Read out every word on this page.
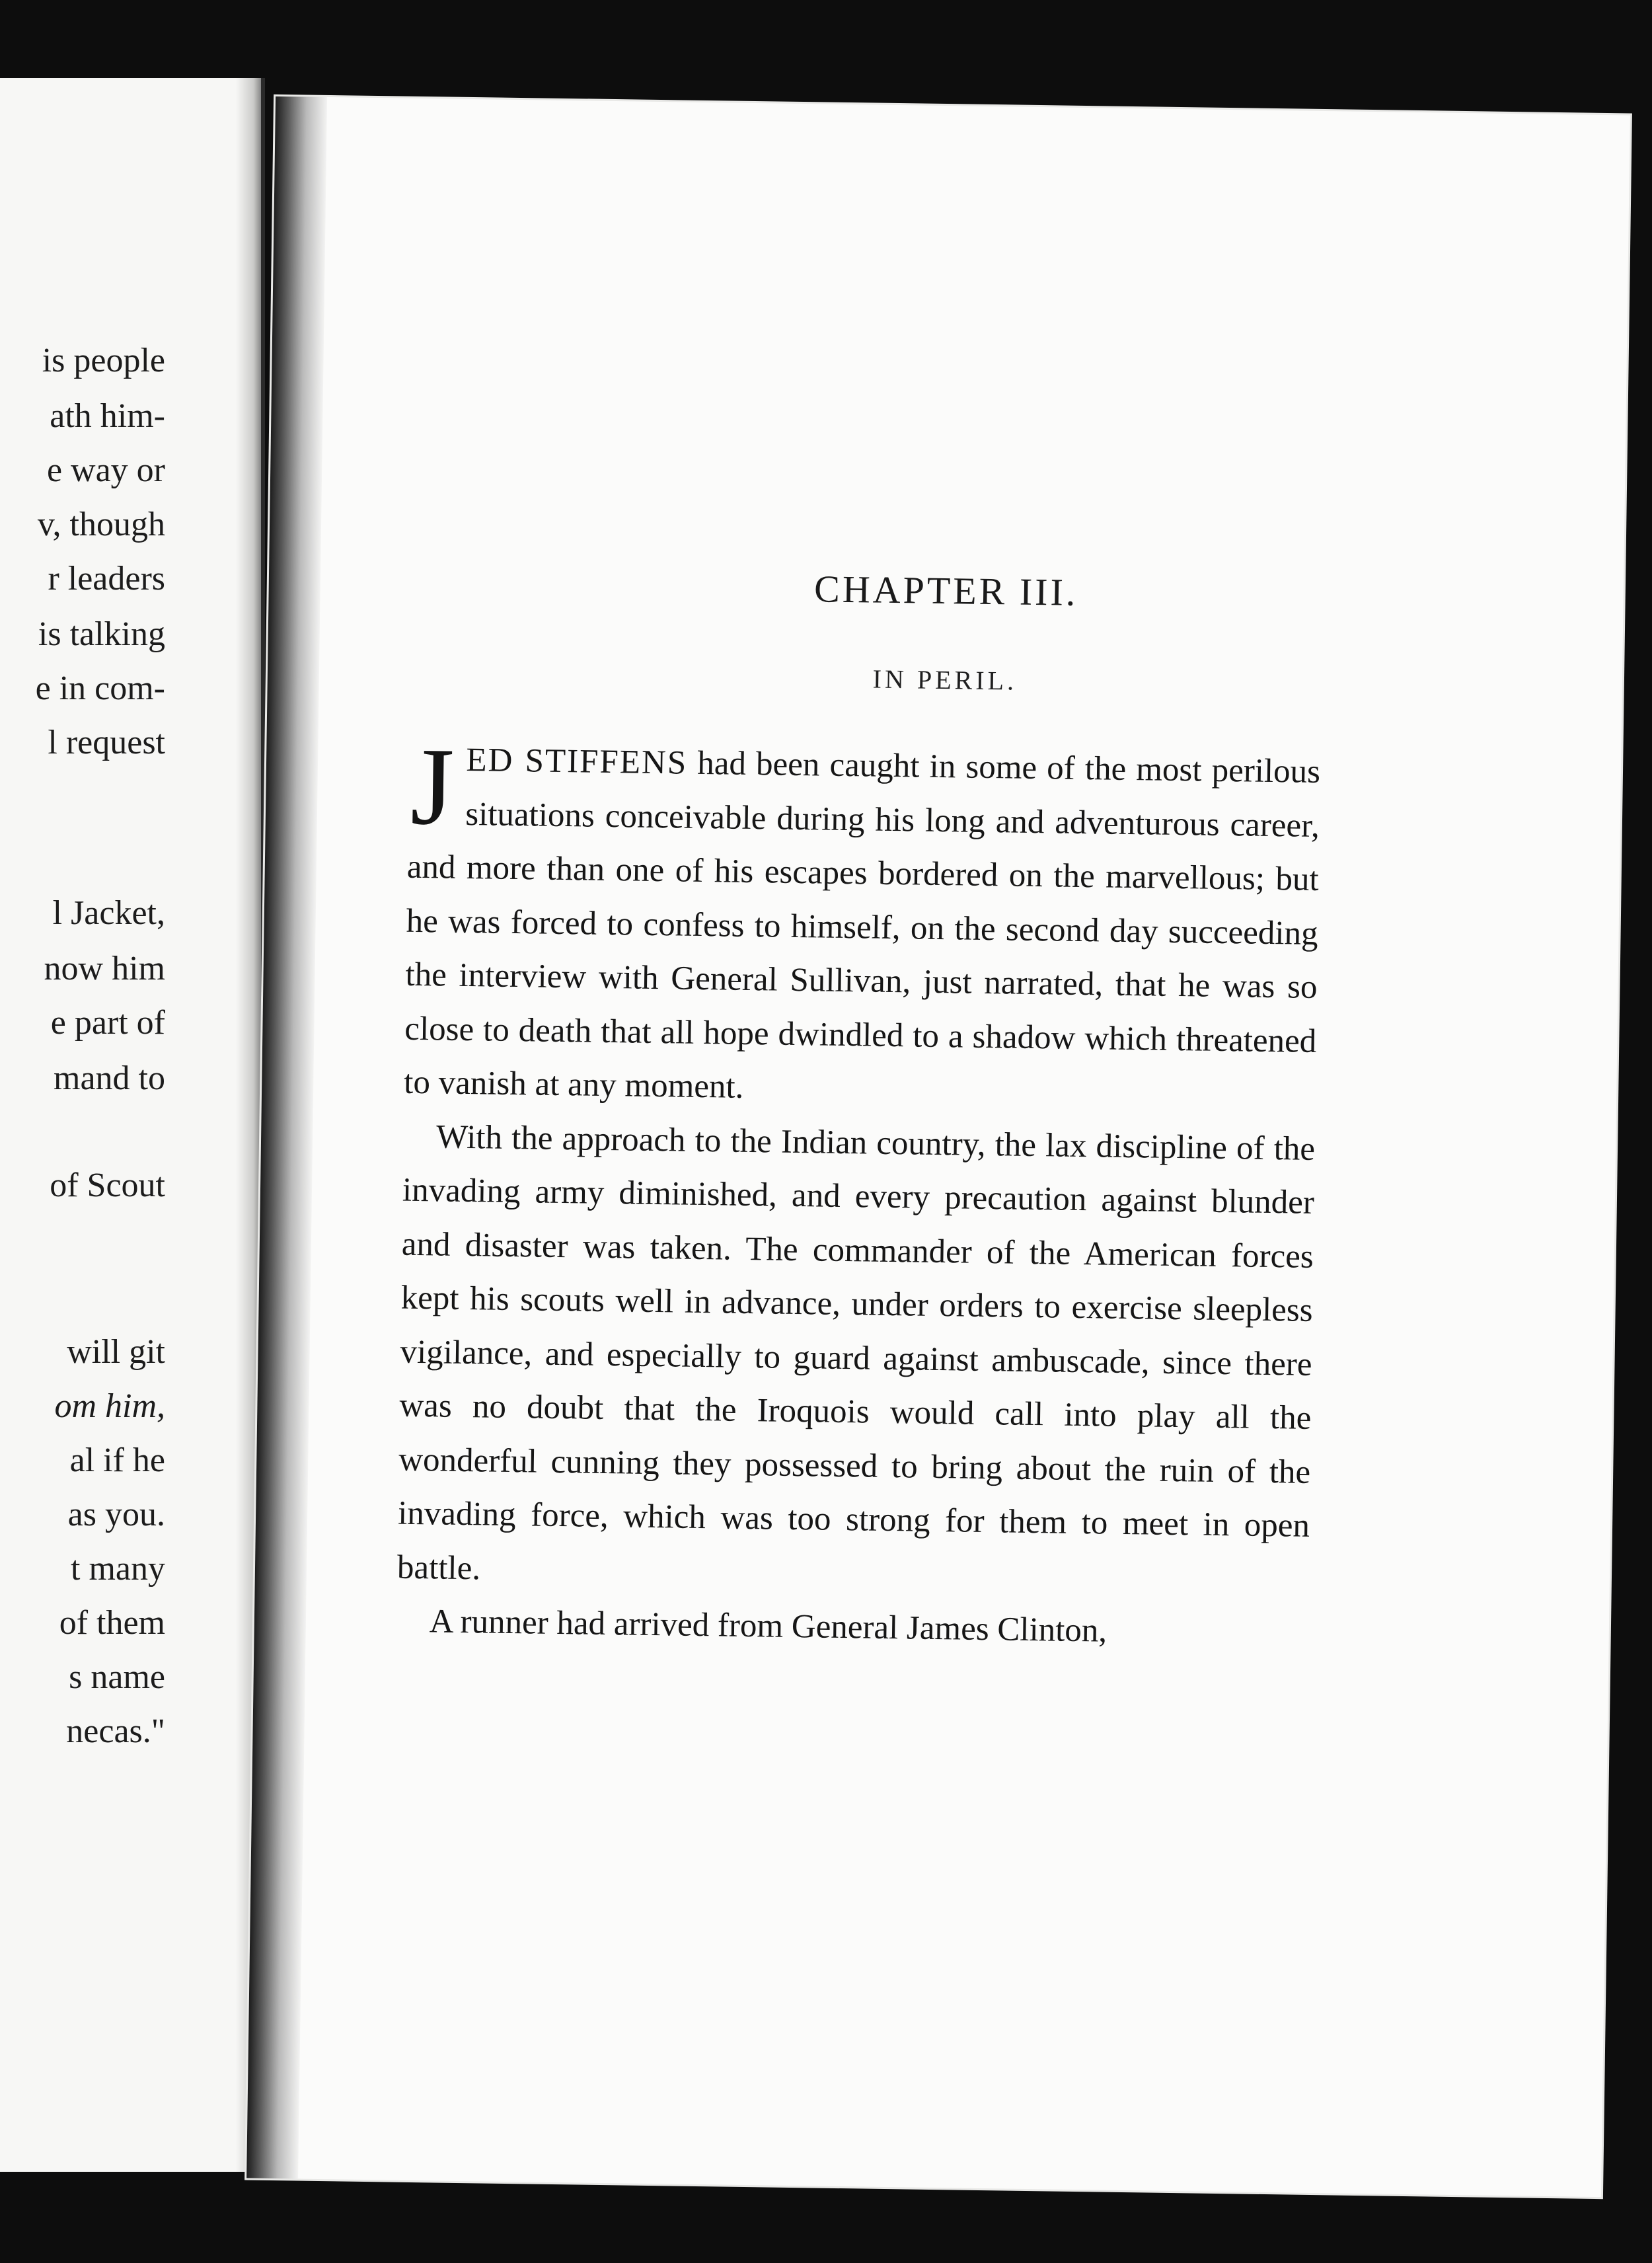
is people
ath him-
e way or
v, though
r leaders
is talking
e in com-
l request
l Jacket,
now him
e part of
mand to
of Scout
will git
om him,
al if he
as you.
t many
of them
s name
necas."
CHAPTER III.
IN PERIL.

JED STIFFENS had been caught in some of the most perilous situations conceivable during his long and adventurous career, and more than one of his escapes bordered on the marvellous; but he was forced to confess to himself, on the second day succeeding the interview with General Sullivan, just narrated, that he was so close to death that all hope dwindled to a shadow which threatened to vanish at any moment.

With the approach to the Indian country, the lax discipline of the invading army diminished, and every precaution against blunder and disaster was taken. The commander of the American forces kept his scouts well in advance, under orders to exercise sleepless vigilance, and especially to guard against ambuscade, since there was no doubt that the Iroquois would call into play all the wonderful cunning they possessed to bring about the ruin of the invading force, which was too strong for them to meet in open battle.

A runner had arrived from General James Clinton,
